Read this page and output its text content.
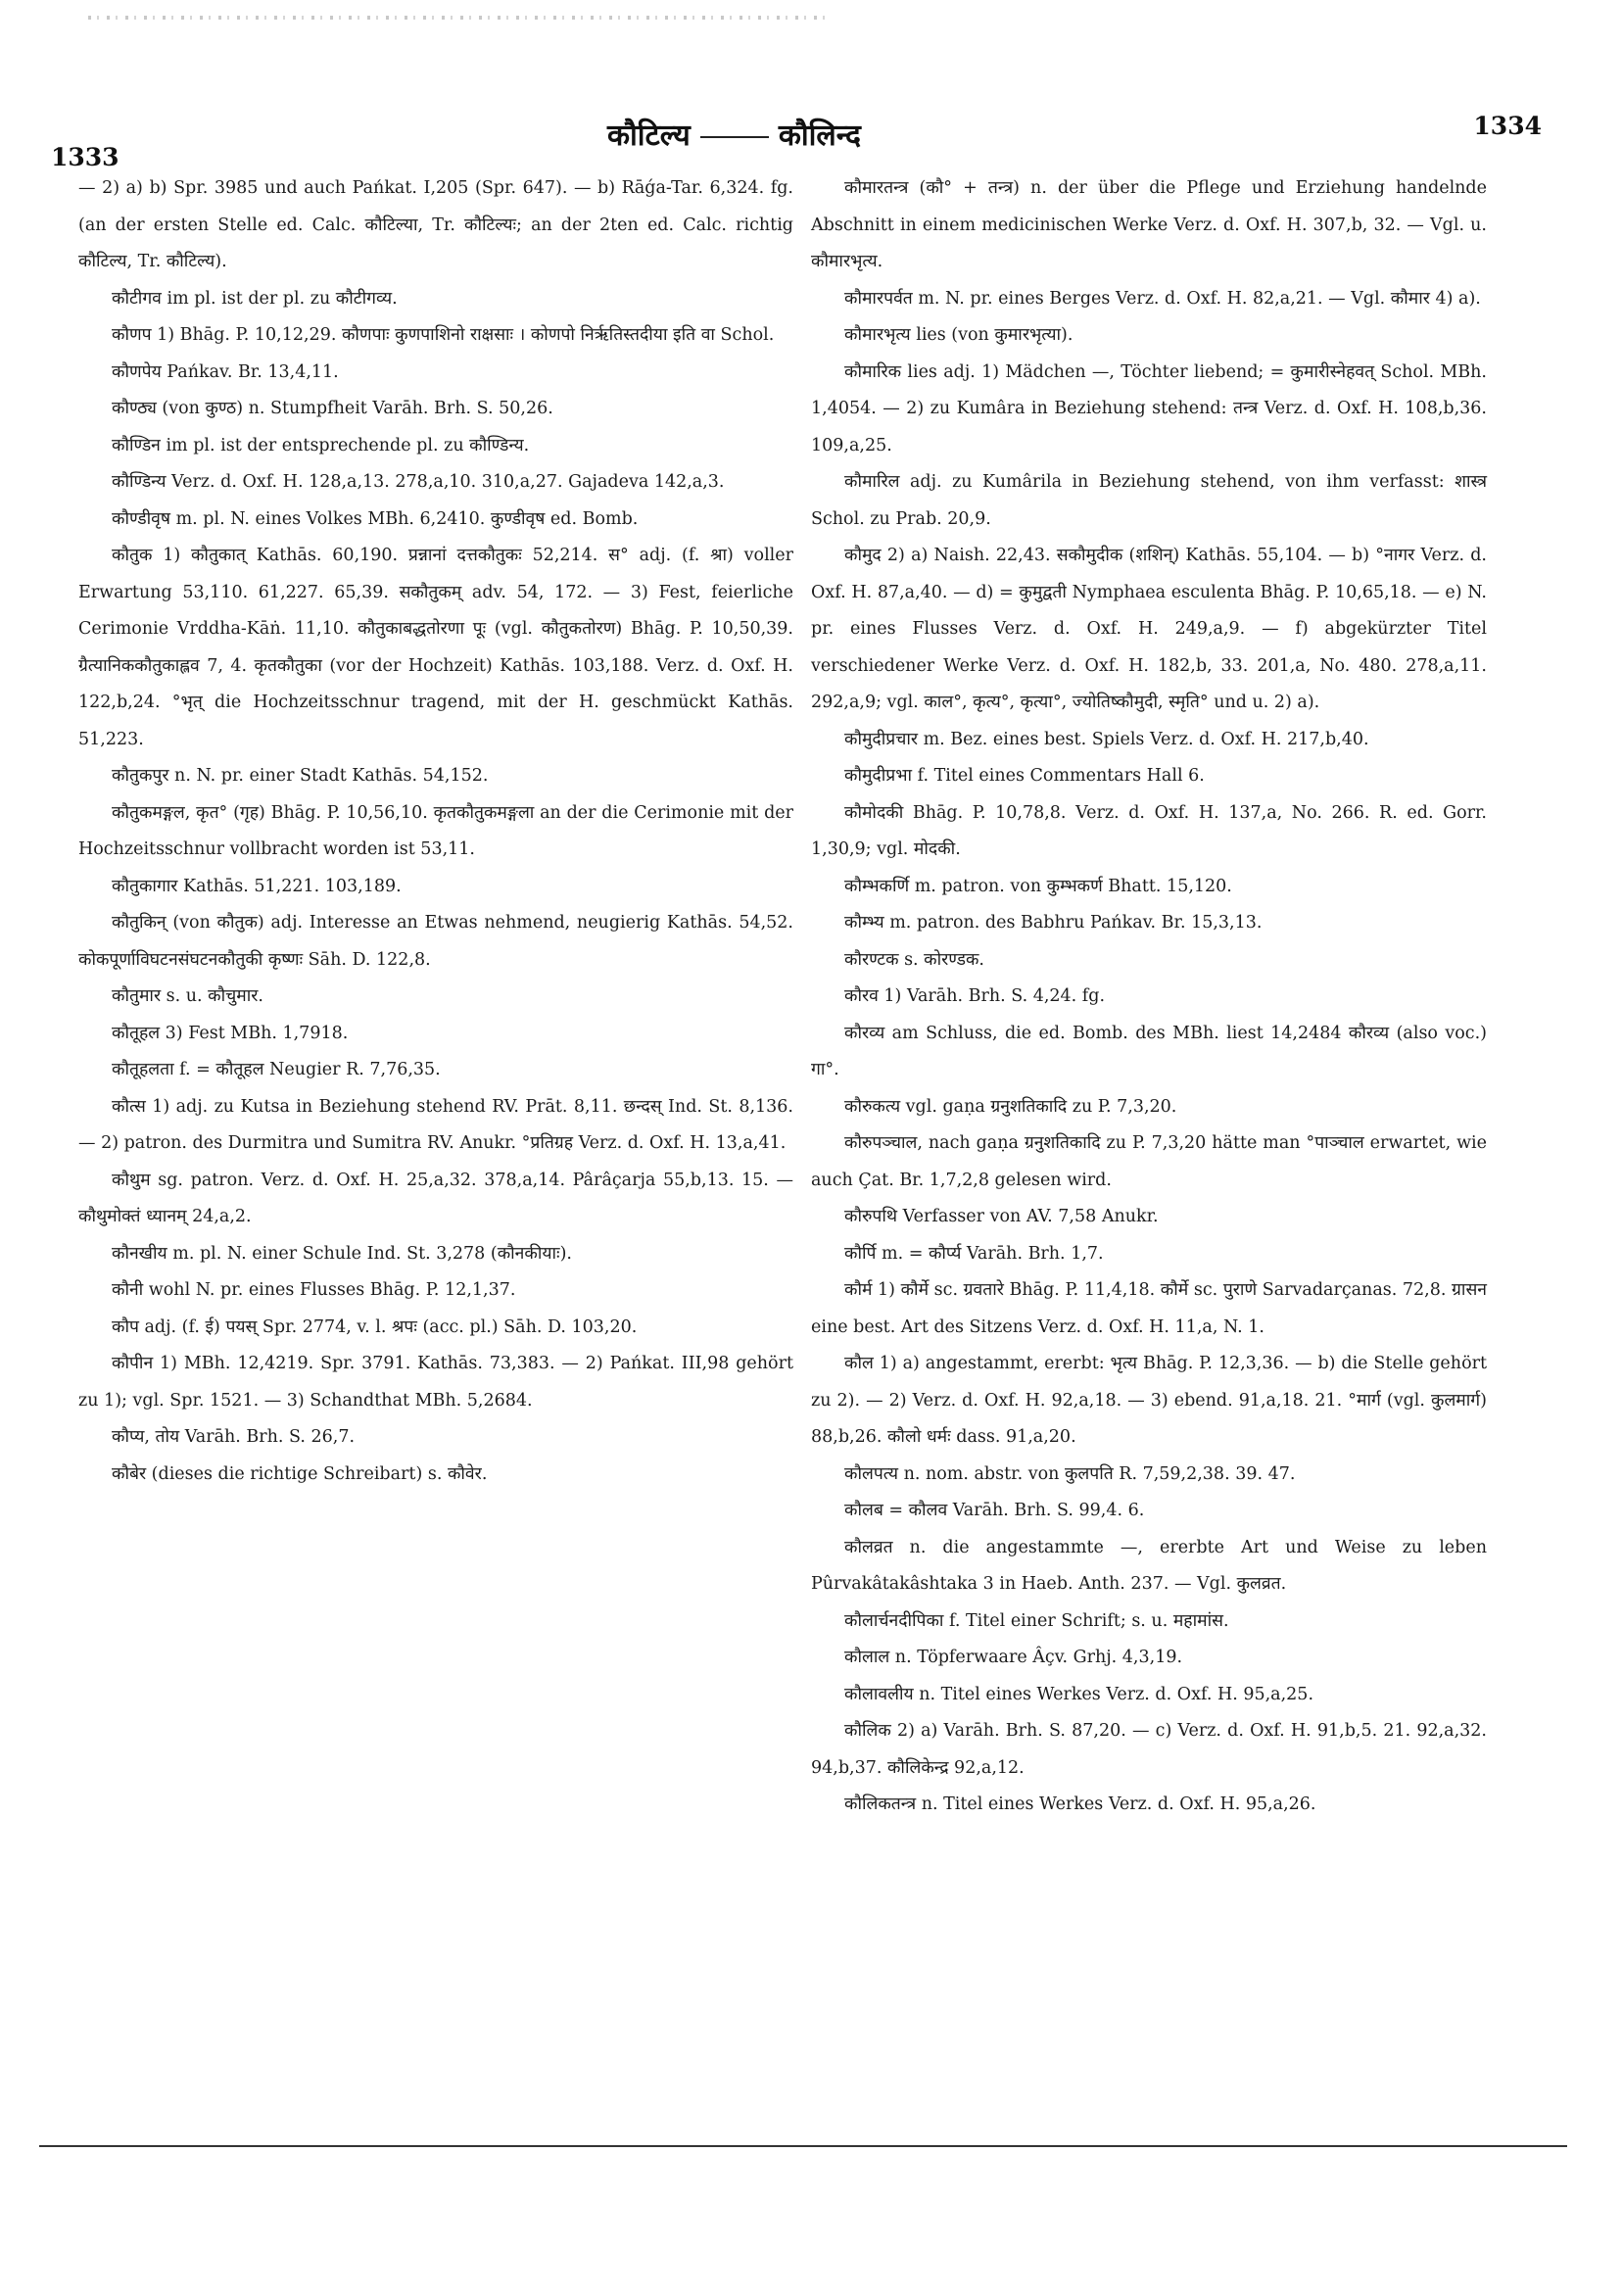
1333
1334
कौटिल्य	कौलिन्द

— 2) a) b) Spr. 3985 und auch Pańkat. I,205 (Spr. 647). — b) Rāǵa-Tar. 6,324. fg. (an der ersten Stelle ed. Calc. कौटिल्या, Tr. कौटिल्यः; an der 2ten ed. Calc. richtig कौटिल्य, Tr. कौटिल्य).

कौटीगव im pl. ist der pl. zu कौटीगव्य.

कौणप 1) Bhāg. P. 10,12,29. कौणपाः कुणपाशिनो राक्षसाः । कोणपो निर्ऋतिस्तदीया इति वा Schol.

कौणपेय Pańkav. Br. 13,4,11.

कौण्ठ्य (von कुण्ठ) n. Stumpfheit Varāh. Brh. S. 50,26.

कौण्डिन im pl. ist der entsprechende pl. zu कौण्डिन्य.

कौण्डिन्य Verz. d. Oxf. H. 128,a,13. 278,a,10. 310,a,27. Gajadeva 142,a,3.

कौण्डीवृष m. pl. N. eines Volkes MBh. 6,2410. कुण्डीवृष ed. Bomb.

कौतुक 1) कौतुकात् Kathās. 60,190. प्रन्नानां दत्तकौतुकः 52,214. स° adj. (f. श्रा) voller Erwartung 53,110. 61,227. 65,39. सकौतुकम् adv. 54, 172. — 3) Fest, feierliche Cerimonie Vrddha-Kāṅ. 11,10. कौतुकाबद्धतोरणा पूः (vgl. कौतुकतोरण) Bhāg. P. 10,50,39. ग्रैत्यानिककौतुकाह्लव 7, 4. कृतकौतुका (vor der Hochzeit) Kathās. 103,188. Verz. d. Oxf. H. 122,b,24. °भृत् die Hochzeitsschnur tragend, mit der H. geschmückt Kathās. 51,223.

कौतुकपुर n. N. pr. einer Stadt Kathās. 54,152.

कौतुकमङ्गल, कृत° (गृह) Bhāg. P. 10,56,10. कृतकौतुकमङ्गला an der die Cerimonie mit der Hochzeitsschnur vollbracht worden ist 53,11.

कौतुकागार Kathās. 51,221. 103,189.

कौतुकिन् (von कौतुक) adj. Interesse an Etwas nehmend, neugierig Kathās. 54,52. कोकपूर्णाविघटनसंघटनकौतुकी कृष्णः Sāh. D. 122,8.

कौतुमार s. u. कौचुमार.

कौतूहल 3) Fest MBh. 1,7918.

कौतूहलता f. = कौतूहल Neugier R. 7,76,35.

कौत्स 1) adj. zu Kutsa in Beziehung stehend RV. Prāt. 8,11. छन्दस् Ind. St. 8,136. — 2) patron. des Durmitra und Sumitra RV. Anukr. °प्रतिग्रह Verz. d. Oxf. H. 13,a,41.

कौथुम sg. patron. Verz. d. Oxf. H. 25,a,32. 378,a,14. Pârâçarja 55,b,13. 15. — कौथुमोक्तं ध्यानम् 24,a,2.

कौनखीय m. pl. N. einer Schule Ind. St. 3,278 (कौनकीयाः).

कौनी wohl N. pr. eines Flusses Bhāg. P. 12,1,37.

कौप adj. (f. ई) पयस् Spr. 2774, v. l. श्रपः (acc. pl.) Sāh. D. 103,20.

कौपीन 1) MBh. 12,4219. Spr. 3791. Kathās. 73,383. — 2) Pańkat. III,98 gehört zu 1); vgl. Spr. 1521. — 3) Schandthat MBh. 5,2684.

कौप्य, तोय Varāh. Brh. S. 26,7.

कौबेर (dieses die richtige Schreibart) s. कौवेर.

कौमारतन्त्र (कौ° + तन्त्र) n. der über die Pflege und Erziehung handelnde Abschnitt in einem medicinischen Werke Verz. d. Oxf. H. 307,b, 32. — Vgl. u. कौमारभृत्य.

कौमारपर्वत m. N. pr. eines Berges Verz. d. Oxf. H. 82,a,21. — Vgl. कौमार 4) a).

कौमारभृत्य lies (von कुमारभृत्या).

कौमारिक lies adj. 1) Mädchen —, Töchter liebend; = कुमारीस्नेहवत् Schol. MBh. 1,4054. — 2) zu Kumâra in Beziehung stehend: तन्त्र Verz. d. Oxf. H. 108,b,36. 109,a,25.

कौमारिल adj. zu Kumârila in Beziehung stehend, von ihm verfasst: शास्त्र Schol. zu Prab. 20,9.

कौमुद 2) a) Naish. 22,43. सकौमुदीक (शशिन्) Kathās. 55,104. — b) °नागर Verz. d. Oxf. H. 87,a,40. — d) = कुमुद्वती Nymphaea esculenta Bhāg. P. 10,65,18. — e) N. pr. eines Flusses Verz. d. Oxf. H. 249,a,9. — f) abgekürzter Titel verschiedener Werke Verz. d. Oxf. H. 182,b, 33. 201,a, No. 480. 278,a,11. 292,a,9; vgl. काल°, कृत्य°, कृत्या°, ज्योतिष्कौमुदी, स्मृति° und u. 2) a).

कौमुदीप्रचार m. Bez. eines best. Spiels Verz. d. Oxf. H. 217,b,40.

कौमुदीप्रभा f. Titel eines Commentars Hall 6.

कौमोदकी Bhāg. P. 10,78,8. Verz. d. Oxf. H. 137,a, No. 266. R. ed. Gorr. 1,30,9; vgl. मोदकी.

कौम्भकर्णि m. patron. von कुम्भकर्ण Bhatt. 15,120.

कौम्भ्य m. patron. des Babhru Pańkav. Br. 15,3,13.

कौरण्टक s. कोरण्डक.

कौरव 1) Varāh. Brh. S. 4,24. fg.

कौरव्य am Schluss, die ed. Bomb. des MBh. liest 14,2484 कौरव्य (also voc.) गा°.

कौरुकत्य vgl. gaṇa ग्रनुशतिकादि zu P. 7,3,20.

कौरुपञ्चाल, nach gaṇa ग्रनुशतिकादि zu P. 7,3,20 hätte man °पाञ्चाल erwartet, wie auch Çat. Br. 1,7,2,8 gelesen wird.

कौरुपथि Verfasser von AV. 7,58 Anukr.

कौर्पि m. = कौर्प्य Varāh. Brh. 1,7.

कौर्म 1) कौर्मे sc. ग्रवतारे Bhāg. P. 11,4,18. कौर्मे sc. पुराणे Sarvadarçanas. 72,8. ग्रासन eine best. Art des Sitzens Verz. d. Oxf. H. 11,a, N. 1.

कौल 1) a) angestammt, ererbt: भृत्य Bhāg. P. 12,3,36. — b) die Stelle gehört zu 2). — 2) Verz. d. Oxf. H. 92,a,18. — 3) ebend. 91,a,18. 21. °मार्ग (vgl. कुलमार्ग) 88,b,26. कौलो धर्मः dass. 91,a,20.

कौलपत्य n. nom. abstr. von कुलपति R. 7,59,2,38. 39. 47.

कौलब = कौलव Varāh. Brh. S. 99,4. 6.

कौलव्रत n. die angestammte —, ererbte Art und Weise zu leben Pûrvakâtakâshtaka 3 in Haeb. Anth. 237. — Vgl. कुलव्रत.

कौलार्चनदीपिका f. Titel einer Schrift; s. u. महामांस.

कौलाल n. Töpferwaare Âçv. Grhj. 4,3,19.

कौलावलीय n. Titel eines Werkes Verz. d. Oxf. H. 95,a,25.

कौलिक 2) a) Varāh. Brh. S. 87,20. — c) Verz. d. Oxf. H. 91,b,5. 21. 92,a,32. 94,b,37. कौलिकेन्द्र 92,a,12.

कौलिकतन्त्र n. Titel eines Werkes Verz. d. Oxf. H. 95,a,26.
